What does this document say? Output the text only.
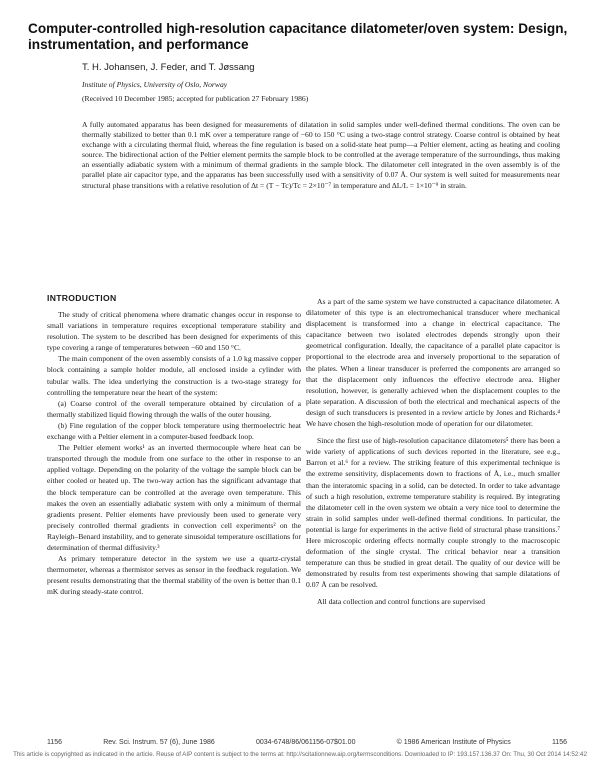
Computer-controlled high-resolution capacitance dilatometer/oven system: Design, instrumentation, and performance
T. H. Johansen, J. Feder, and T. Jøssang
Institute of Physics, University of Oslo, Norway
(Received 10 December 1985; accepted for publication 27 February 1986)

A fully automated apparatus has been designed for measurements of dilatation in solid samples under well-defined thermal conditions. The oven can be thermally stabilized to better than 0.1 mK over a temperature range of −60 to 150 °C using a two-stage control strategy. Coarse control is obtained by heat exchange with a circulating thermal fluid, whereas the fine regulation is based on a solid-state heat pump—a Peltier element, acting as heating and cooling source. The bidirectional action of the Peltier element permits the sample block to be controlled at the average temperature of the surroundings, thus making an essentially adiabatic system with a minimum of thermal gradients in the sample block. The dilatometer cell integrated in the oven assembly is of the parallel plate air capacitor type, and the apparatus has been successfully used with a sensitivity of 0.07 Å. Our system is well suited for measurements near structural phase transitions with a relative resolution of Δt = (T − Tc)/Tc = 2×10⁻⁷ in temperature and ΔL/L = 1×10⁻⁹ in strain.

INTRODUCTION

The study of critical phenomena where dramatic changes occur in response to small variations in temperature requires exceptional temperature stability and resolution. The system to be described has been designed for experiments of this type covering a range of temperatures between −60 and 150 °C.

The main component of the oven assembly consists of a 1.0 kg massive copper block containing a sample holder module, all enclosed inside a cylinder with tubular walls. The idea underlying the construction is a two-stage strategy for controlling the temperature near the heart of the system:

(a) Coarse control of the overall temperature obtained by circulation of a thermally stabilized liquid flowing through the walls of the outer housing.

(b) Fine regulation of the copper block temperature using thermoelectric heat exchange with a Peltier element in a computer-based feedback loop.

The Peltier element works¹ as an inverted thermocouple where heat can be transported through the module from one surface to the other in response to an applied voltage. Depending on the polarity of the voltage the sample block can be either cooled or heated up. The two-way action has the significant advantage that the block temperature can be controlled at the average oven temperature. This makes the oven an essentially adiabatic system with only a minimum of thermal gradients present. Peltier elements have previously been used to generate very precisely controlled thermal gradients in convection cell experiments² on the Rayleigh–Benard instability, and to generate sinusoidal temperature oscillations for determination of thermal diffusivity.³

As primary temperature detector in the system we use a quartz-crystal thermometer, whereas a thermistor serves as sensor in the feedback regulation. We present results demonstrating that the thermal stability of the oven is better than 0.1 mK during steady-state control.

As a part of the same system we have constructed a capacitance dilatometer. A dilatometer of this type is an electromechanical transducer where mechanical displacement is transformed into a change in electrical capacitance. The capacitance between two isolated electrodes depends strongly upon their geometrical configuration. Ideally, the capacitance of a parallel plate capacitor is proportional to the electrode area and inversely proportional to the separation of the plates. When a linear transducer is preferred the components are arranged so that the displacement only influences the effective electrode area. Higher resolution, however, is generally achieved when the displacement couples to the plate separation. A discussion of both the electrical and mechanical aspects of the design of such transducers is presented in a review article by Jones and Richards.⁴ We have chosen the high-resolution mode of operation for our dilatometer.

Since the first use of high-resolution capacitance dilatometers⁵ there has been a wide variety of applications of such devices reported in the literature, see e.g., Barron et al.⁶ for a review. The striking feature of this experimental technique is the extreme sensitivity, displacements down to fractions of Å, i.e., much smaller than the interatomic spacing in a solid, can be detected. In order to take advantage of such a high resolution, extreme temperature stability is required. By integrating the dilatometer cell in the oven system we obtain a very nice tool to determine the strain in solid samples under well-defined thermal conditions. In particular, the potential is large for experiments in the active field of structural phase transitions.⁷ Here microscopic ordering effects normally couple strongly to the macroscopic deformation of the single crystal. The critical behavior near a transition temperature can thus be studied in great detail. The quality of our device will be demonstrated by results from test experiments showing that sample dilatations of 0.07 Å can be resolved.

All data collection and control functions are supervised

1156	Rev. Sci. Instrum. 57 (6), June 1986	0034-6748/86/061156-07$01.00	© 1986 American Institute of Physics	1156
This article is copyrighted as indicated in the article. Reuse of AIP content is subject to the terms at: http://scitationnew.aip.org/termsconditions. Downloaded to IP: 193.157.136.37 On: Thu, 30 Oct 2014 14:52:42
